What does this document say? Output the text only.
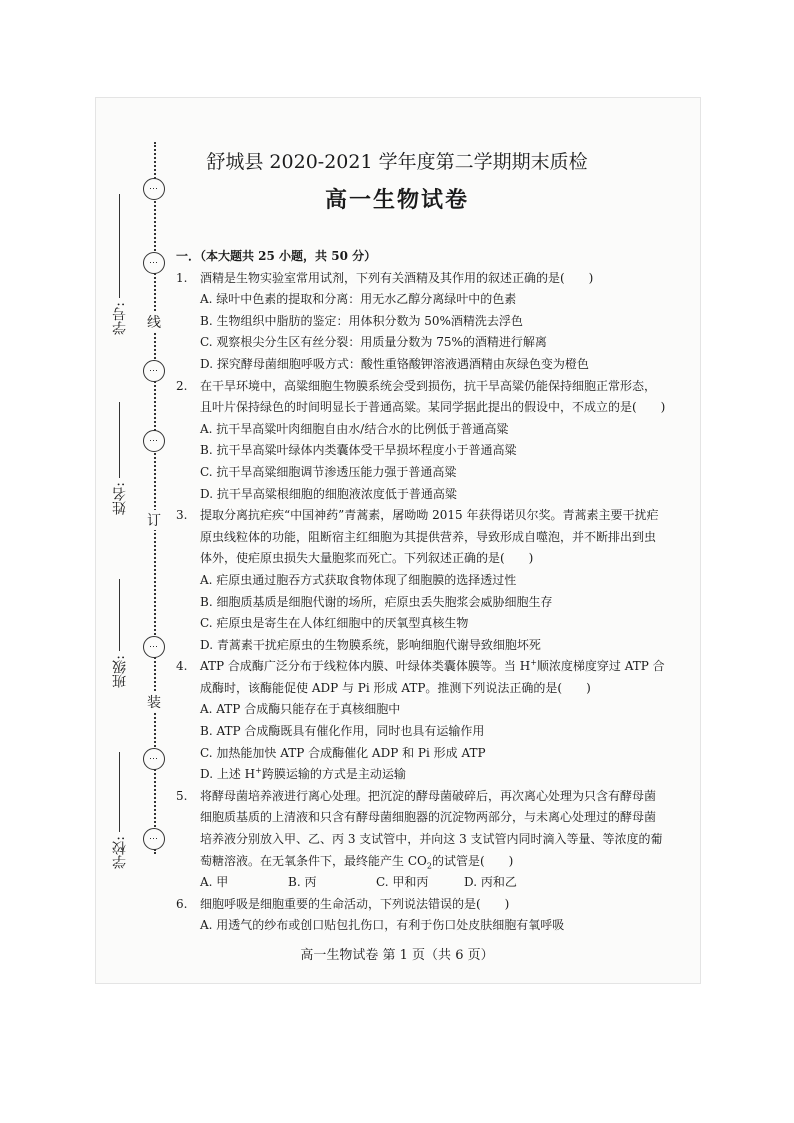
⋯
⋯
⋯
⋯
⋯
⋯
⋯
线
订
装
学号:
姓名:
班级:
学校:
舒城县 2020-2021 学年度第二学期期末质检
高一生物试卷
一．（本大题共 25 小题，共 50 分）
1.	酒精是生物实验室常用试剂，下列有关酒精及其作用的叙述正确的是(　　)
A. 绿叶中色素的提取和分离：用无水乙醇分离绿叶中的色素
B. 生物组织中脂肪的鉴定：用体积分数为 50%酒精洗去浮色
C. 观察根尖分生区有丝分裂：用质量分数为 75%的酒精进行解离
D. 探究酵母菌细胞呼吸方式：酸性重铬酸钾溶液遇酒精由灰绿色变为橙色
2.	在干旱环境中，高粱细胞生物膜系统会受到损伤，抗干旱高粱仍能保持细胞正常形态，且叶片保持绿色的时间明显长于普通高粱。某同学据此提出的假设中，不成立的是(　　)
A. 抗干旱高粱叶肉细胞自由水/结合水的比例低于普通高粱
B. 抗干旱高粱叶绿体内类囊体受干旱损坏程度小于普通高粱
C. 抗干旱高粱细胞调节渗透压能力强于普通高粱
D. 抗干旱高粱根细胞的细胞液浓度低于普通高粱
3.	提取分离抗疟疾“中国神药”青蒿素，屠呦呦 2015 年获得诺贝尔奖。青蒿素主要干扰疟原虫线粒体的功能，阻断宿主红细胞为其提供营养，导致形成自噬泡，并不断排出到虫体外，使疟原虫损失大量胞浆而死亡。下列叙述正确的是(　　)
A. 疟原虫通过胞吞方式获取食物体现了细胞膜的选择透过性
B. 细胞质基质是细胞代谢的场所，疟原虫丢失胞浆会威胁细胞生存
C. 疟原虫是寄生在人体红细胞中的厌氧型真核生物
D. 青蒿素干扰疟原虫的生物膜系统，影响细胞代谢导致细胞坏死
4.	ATP 合成酶广泛分布于线粒体内膜、叶绿体类囊体膜等。当 H+顺浓度梯度穿过 ATP 合成酶时，该酶能促使 ADP 与 Pi 形成 ATP。推测下列说法正确的是(　　)
A. ATP 合成酶只能存在于真核细胞中
B. ATP 合成酶既具有催化作用，同时也具有运输作用
C. 加热能加快 ATP 合成酶催化 ADP 和 Pi 形成 ATP
D. 上述 H+跨膜运输的方式是主动运输
5.	将酵母菌培养液进行离心处理。把沉淀的酵母菌破碎后，再次离心处理为只含有酵母菌细胞质基质的上清液和只含有酵母菌细胞器的沉淀物两部分，与未离心处理过的酵母菌培养液分别放入甲、乙、丙 3 支试管中，并向这 3 支试管内同时滴入等量、等浓度的葡萄糖溶液。在无氧条件下，最终能产生 $CO_2$的试管是(　　)
A. 甲	B. 丙	C. 甲和丙	D. 丙和乙
6.	细胞呼吸是细胞重要的生命活动，下列说法错误的是(　　)
A. 用透气的纱布或创口贴包扎伤口，有利于伤口处皮肤细胞有氧呼吸
高一生物试卷 第 1 页（共 6 页）
